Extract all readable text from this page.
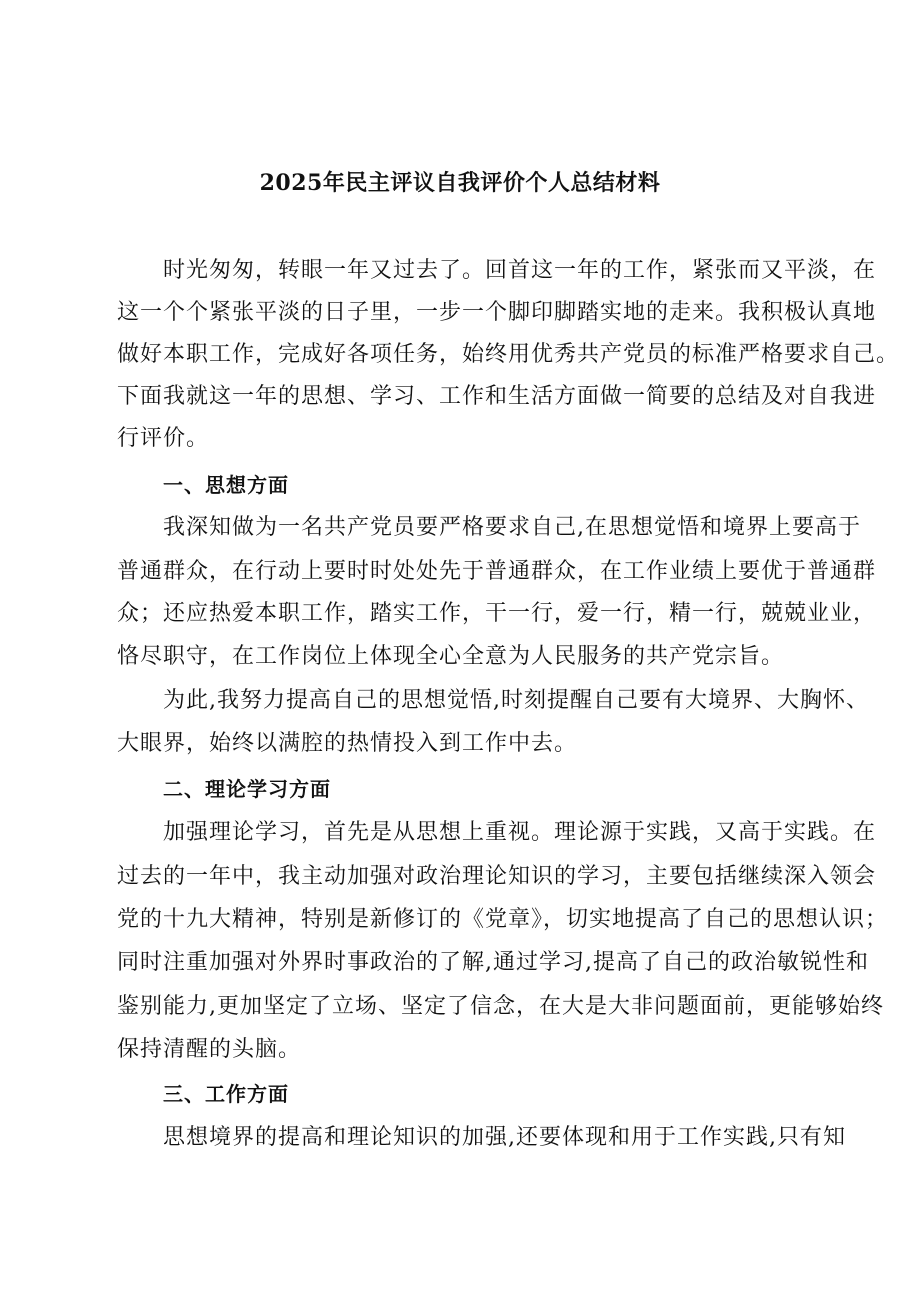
2025年民主评议自我评价个人总结材料
时光匆匆，转眼一年又过去了。回首这一年的工作，紧张而又平淡，在
这一个个紧张平淡的日子里，一步一个脚印脚踏实地的走来。我积极认真地
做好本职工作，完成好各项任务，始终用优秀共产党员的标准严格要求自己。
下面我就这一年的思想、学习、工作和生活方面做一简要的总结及对自我进
行评价。
一、思想方面
我深知做为一名共产党员要严格要求自己,在思想觉悟和境界上要高于
普通群众，在行动上要时时处处先于普通群众，在工作业绩上要优于普通群
众；还应热爱本职工作，踏实工作，干一行，爱一行，精一行，兢兢业业，
恪尽职守，在工作岗位上体现全心全意为人民服务的共产党宗旨。
为此,我努力提高自己的思想觉悟,时刻提醒自己要有大境界、大胸怀、
大眼界，始终以满腔的热情投入到工作中去。
二、理论学习方面
加强理论学习，首先是从思想上重视。理论源于实践，又高于实践。在
过去的一年中，我主动加强对政治理论知识的学习，主要包括继续深入领会
党的十九大精神，特别是新修订的《党章》，切实地提高了自己的思想认识；
同时注重加强对外界时事政治的了解,通过学习,提高了自己的政治敏锐性和
鉴别能力,更加坚定了立场、坚定了信念，在大是大非问题面前，更能够始终
保持清醒的头脑。
三、工作方面
思想境界的提高和理论知识的加强,还要体现和用于工作实践,只有知
